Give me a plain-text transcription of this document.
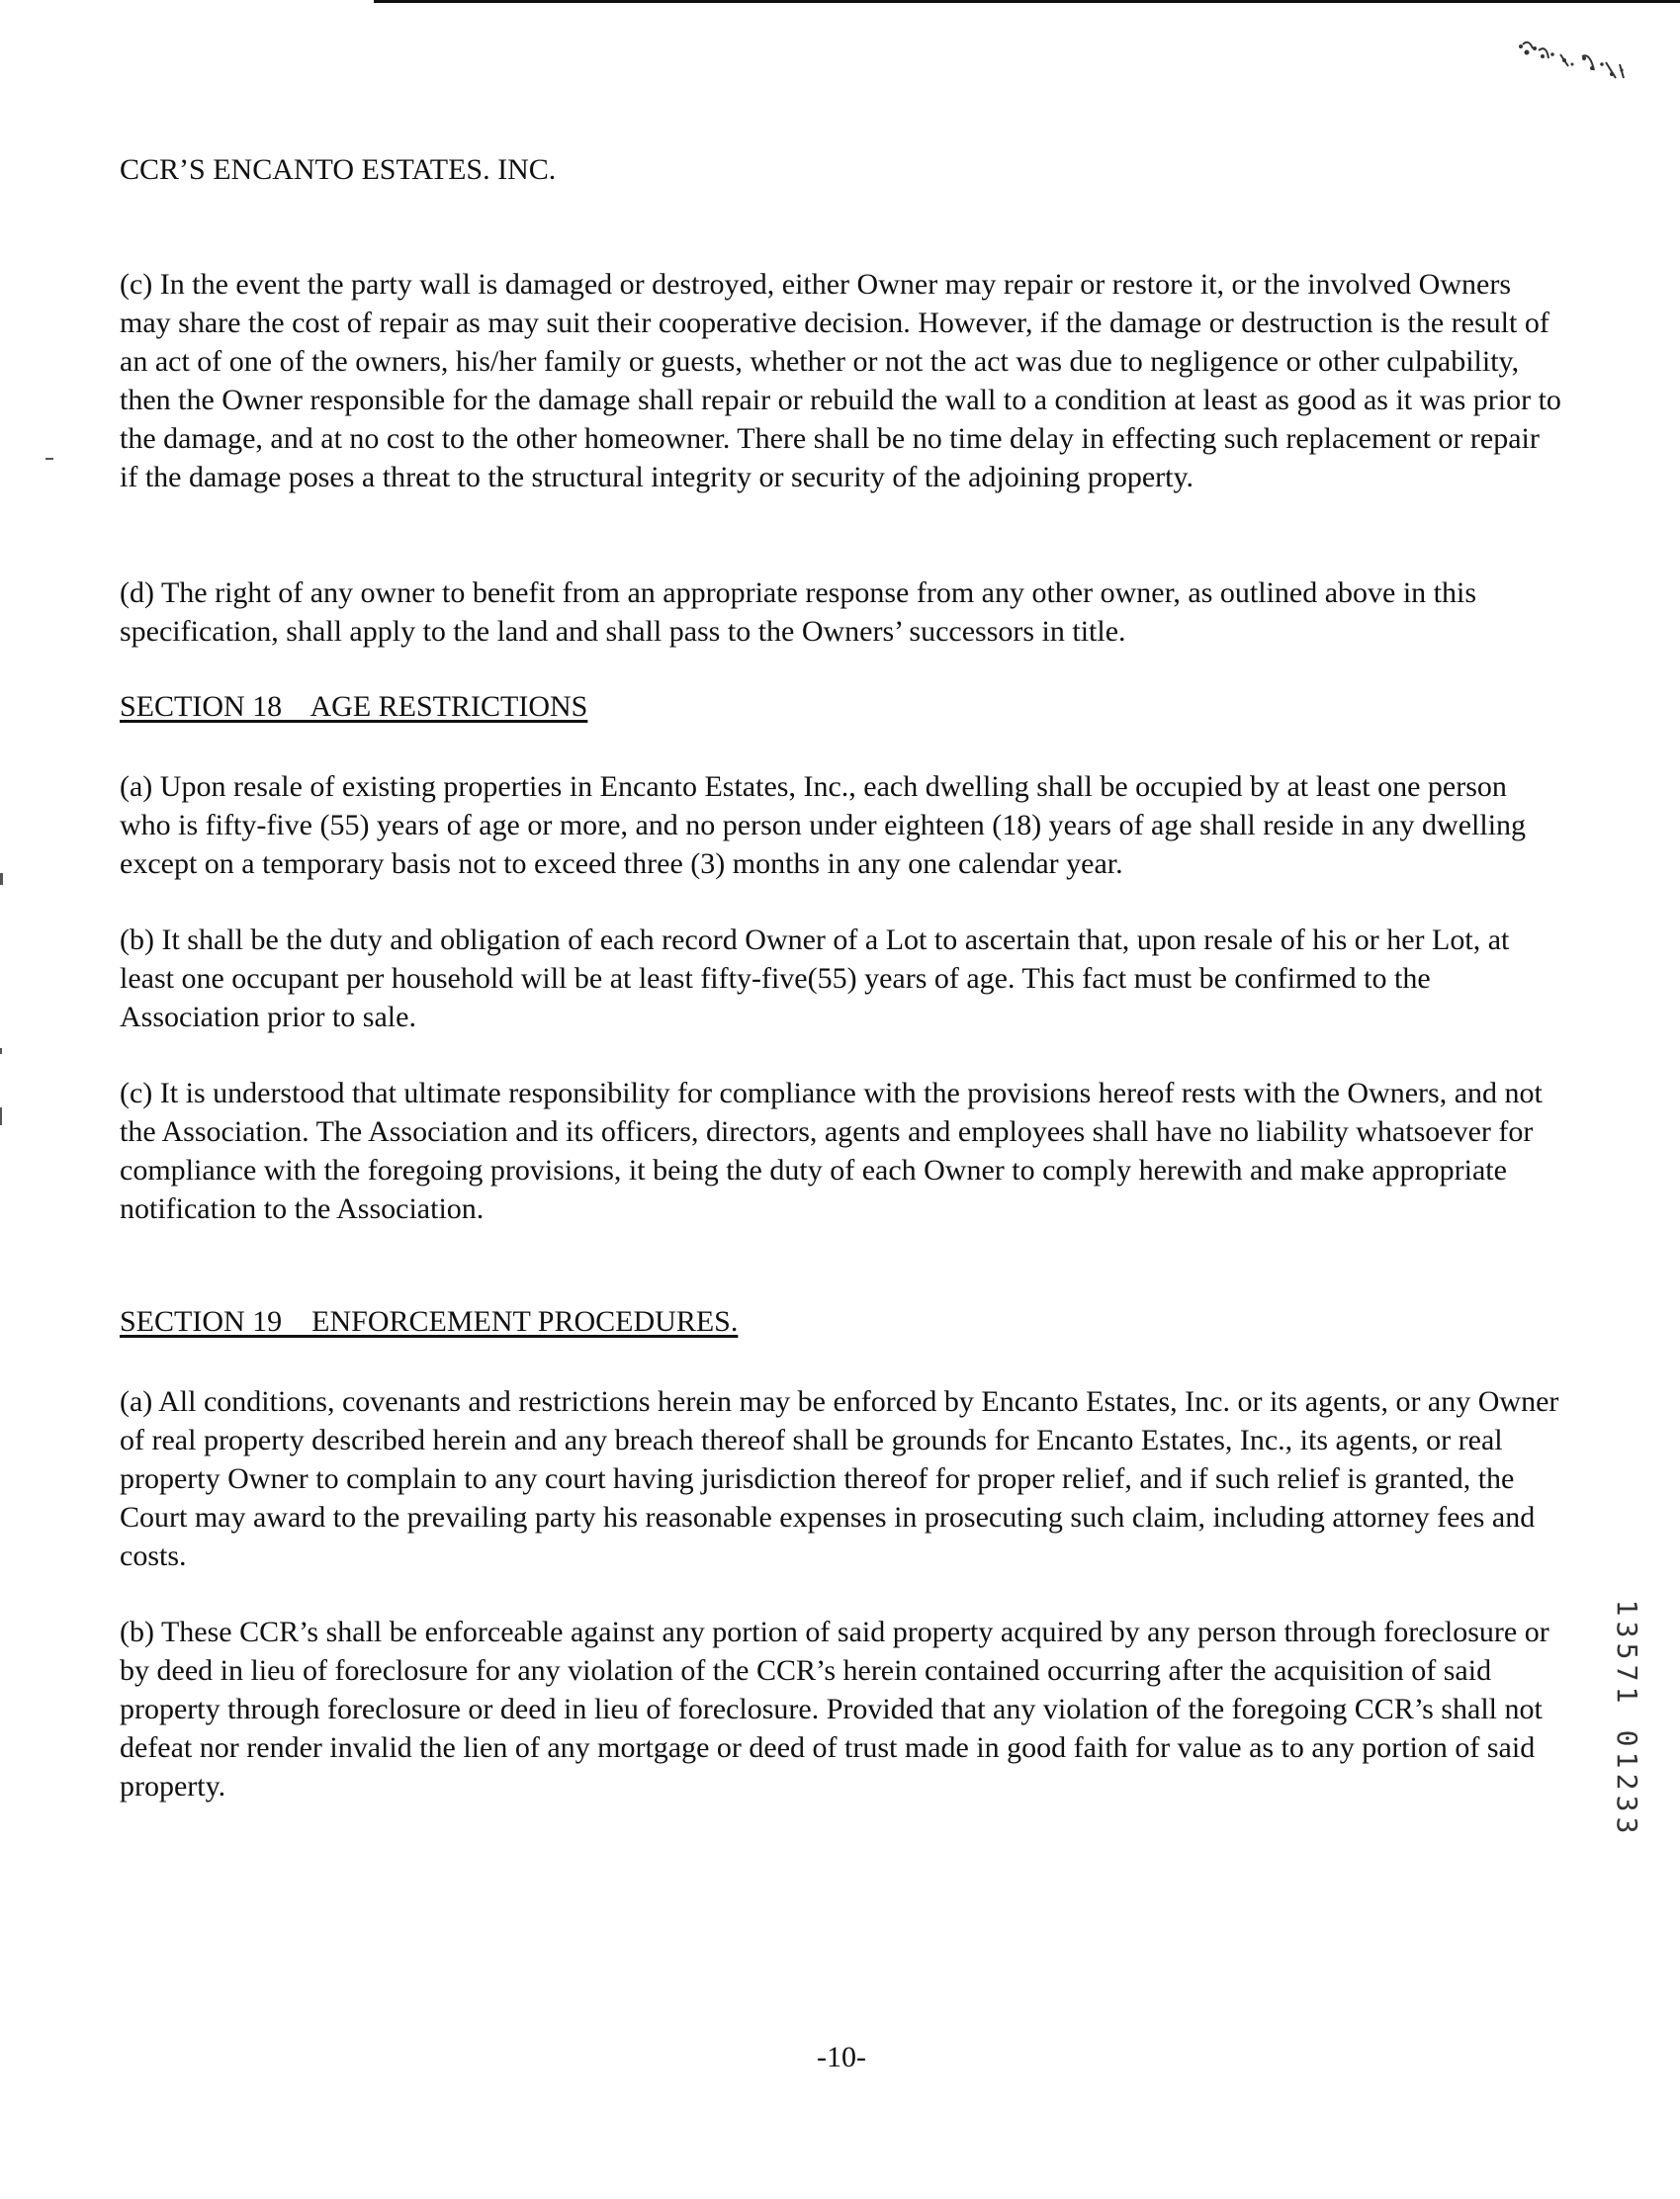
CCR’S ENCANTO ESTATES. INC.

(c) In the event the party wall is damaged or destroyed, either Owner may repair or restore it, or the involved Owners may share the cost of repair as may suit their cooperative decision. However, if the damage or destruction is the result of an act of one of the owners, his/her family or guests, whether or not the act was due to negligence or other culpability, then the Owner responsible for the damage shall repair or rebuild the wall to a condition at least as good as it was prior to the damage, and at no cost to the other homeowner. There shall be no time delay in effecting such replacement or repair if the damage poses a threat to the structural integrity or security of the adjoining property.

(d) The right of any owner to benefit from an appropriate response from any other owner, as outlined above in this specification, shall apply to the land and shall pass to the Owners’ successors in title.

SECTION 18    AGE RESTRICTIONS

(a) Upon resale of existing properties in Encanto Estates, Inc., each dwelling shall be occupied by at least one person who is fifty-five (55) years of age or more, and no person under eighteen (18) years of age shall reside in any dwelling except on a temporary basis not to exceed three (3) months in any one calendar year.

(b) It shall be the duty and obligation of each record Owner of a Lot to ascertain that, upon resale of his or her Lot, at least one occupant per household will be at least fifty-five(55) years of age. This fact must be confirmed to the Association prior to sale.

(c) It is understood that ultimate responsibility for compliance with the provisions hereof rests with the Owners, and not the Association. The Association and its officers, directors, agents and employees shall have no liability whatsoever for compliance with the foregoing provisions, it being the duty of each Owner to comply herewith and make appropriate notification to the Association.

SECTION 19    ENFORCEMENT PROCEDURES.

(a) All conditions, covenants and restrictions herein may be enforced by Encanto Estates, Inc. or its agents, or any Owner of real property described herein and any breach thereof shall be grounds for Encanto Estates, Inc., its agents, or real property Owner to complain to any court having jurisdiction thereof for proper relief, and if such relief is granted, the Court may award to the prevailing party his reasonable expenses in prosecuting such claim, including attorney fees and costs.

(b) These CCR’s shall be enforceable against any portion of said property acquired by any person through foreclosure or by deed in lieu of foreclosure for any violation of the CCR’s herein contained occurring after the acquisition of said property through foreclosure or deed in lieu of foreclosure. Provided that any violation of the foregoing CCR’s shall not defeat nor render invalid the lien of any mortgage or deed of trust made in good faith for value as to any portion of said property.

-10-
1
3
5
7
1
0
1
2
3
3
